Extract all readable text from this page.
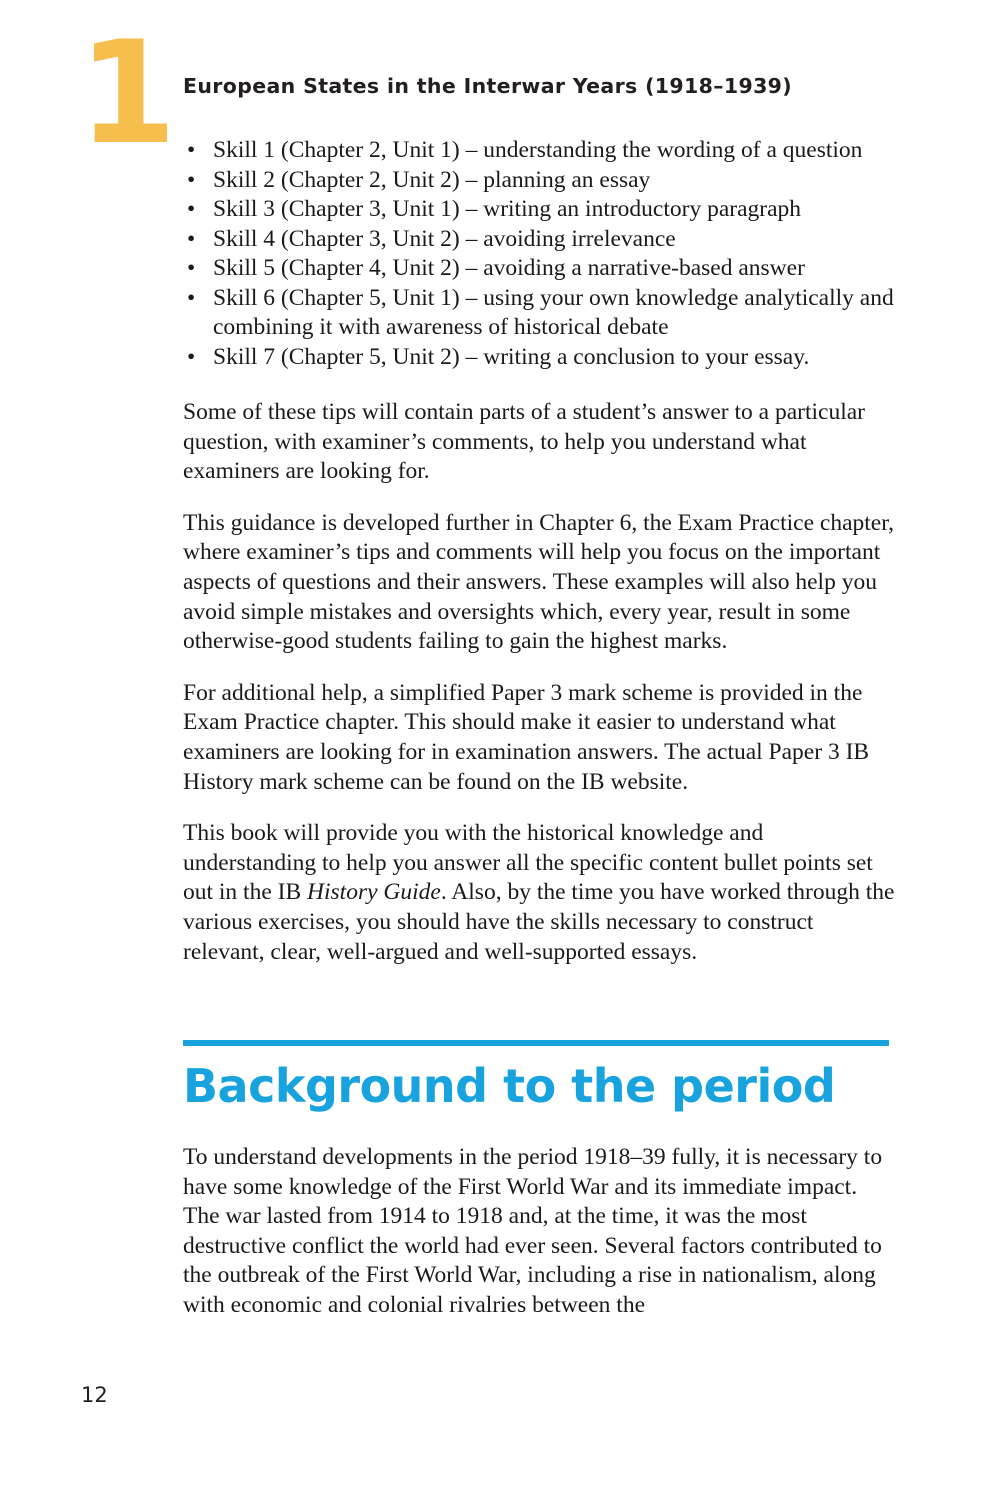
1 European States in the Interwar Years (1918–1939)
• Skill 1 (Chapter 2, Unit 1) – understanding the wording of a question
• Skill 2 (Chapter 2, Unit 2) – planning an essay
• Skill 3 (Chapter 3, Unit 1) – writing an introductory paragraph
• Skill 4 (Chapter 3, Unit 2) – avoiding irrelevance
• Skill 5 (Chapter 4, Unit 2) – avoiding a narrative-based answer
• Skill 6 (Chapter 5, Unit 1) – using your own knowledge analytically and combining it with awareness of historical debate
• Skill 7 (Chapter 5, Unit 2) – writing a conclusion to your essay.

Some of these tips will contain parts of a student’s answer to a particular question, with examiner’s comments, to help you understand what examiners are looking for.

This guidance is developed further in Chapter 6, the Exam Practice chapter, where examiner’s tips and comments will help you focus on the important aspects of questions and their answers. These examples will also help you avoid simple mistakes and oversights which, every year, result in some otherwise-good students failing to gain the highest marks.

For additional help, a simplified Paper 3 mark scheme is provided in the Exam Practice chapter. This should make it easier to understand what examiners are looking for in examination answers. The actual Paper 3 IB History mark scheme can be found on the IB website.

This book will provide you with the historical knowledge and understanding to help you answer all the specific content bullet points set out in the IB History Guide. Also, by the time you have worked through the various exercises, you should have the skills necessary to construct relevant, clear, well-argued and well-supported essays.

Background to the period

To understand developments in the period 1918–39 fully, it is necessary to have some knowledge of the First World War and its immediate impact. The war lasted from 1914 to 1918 and, at the time, it was the most destructive conflict the world had ever seen. Several factors contributed to the outbreak of the First World War, including a rise in nationalism, along with economic and colonial rivalries between the

12
